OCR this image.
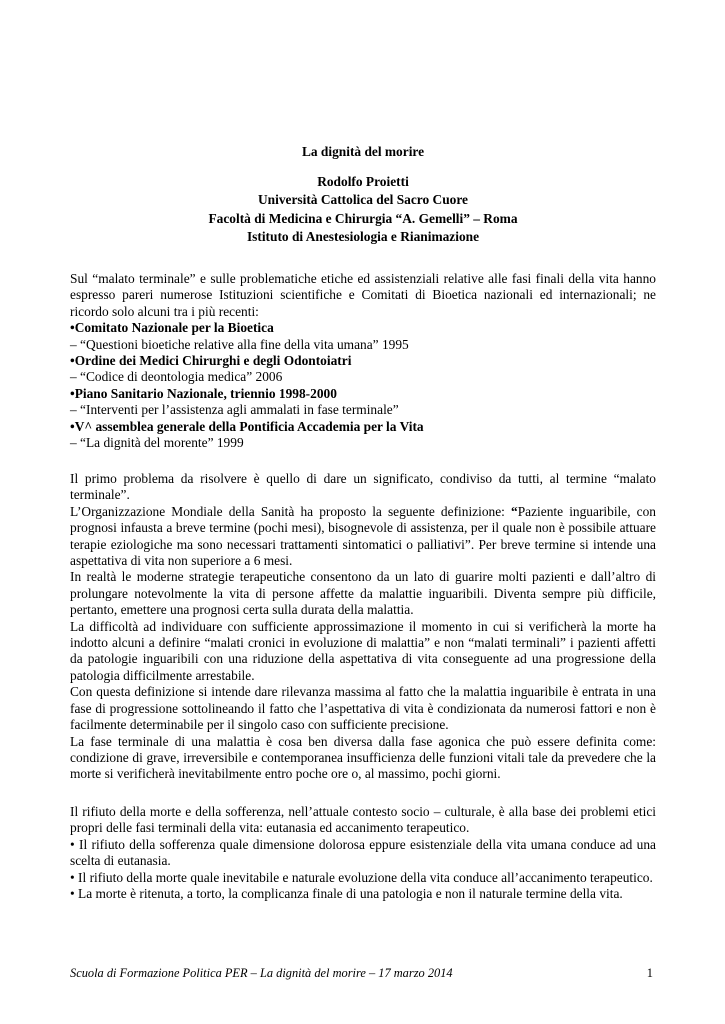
La dignità del morire
Rodolfo Proietti
Università Cattolica del Sacro Cuore
Facoltà di Medicina e Chirurgia “A. Gemelli” – Roma
Istituto di Anestesiologia e Rianimazione

Sul “malato terminale” e sulle problematiche etiche ed assistenziali relative alle fasi finali della vita hanno espresso pareri numerose Istituzioni scientifiche e Comitati di Bioetica nazionali ed internazionali; ne ricordo solo alcuni tra i più recenti:

•Comitato Nazionale per la Bioetica
– “Questioni bioetiche relative alla fine della vita umana” 1995
•Ordine dei Medici Chirurghi e degli Odontoiatri
– “Codice di deontologia medica” 2006
•Piano Sanitario Nazionale, triennio 1998-2000
– “Interventi per l’assistenza agli ammalati in fase terminale”
•V^ assemblea generale della Pontificia Accademia per la Vita
– “La dignità del morente” 1999

Il primo problema da risolvere è quello di dare un significato, condiviso da tutti, al termine “malato terminale”.

L’Organizzazione Mondiale della Sanità ha proposto la seguente definizione: “Paziente inguaribile, con prognosi infausta a breve termine (pochi mesi), bisognevole di assistenza, per il quale non è possibile attuare terapie eziologiche ma sono necessari trattamenti sintomatici o palliativi”. Per breve termine si intende una aspettativa di vita non superiore a 6 mesi.

In realtà le moderne strategie terapeutiche consentono da un lato di guarire molti pazienti e dall’altro di prolungare notevolmente la vita di persone affette da malattie inguaribili. Diventa sempre più difficile, pertanto, emettere una prognosi certa sulla durata della malattia.

La difficoltà ad individuare con sufficiente approssimazione il momento in cui si verificherà la morte ha indotto alcuni a definire “malati cronici in evoluzione di malattia” e non “malati terminali” i pazienti affetti da patologie inguaribili con una riduzione della aspettativa di vita conseguente ad una progressione della patologia difficilmente arrestabile.

Con questa definizione si intende dare rilevanza massima al fatto che la malattia inguaribile è entrata in una fase di progressione sottolineando il fatto che l’aspettativa di vita è condizionata da numerosi fattori e non è facilmente determinabile per il singolo caso con sufficiente precisione.

La fase terminale di una malattia è cosa ben diversa dalla fase agonica che può essere definita come: condizione di grave, irreversibile e contemporanea insufficienza delle funzioni vitali tale da prevedere che la morte si verificherà inevitabilmente entro poche ore o, al massimo, pochi giorni.

Il rifiuto della morte e della sofferenza, nell’attuale contesto socio – culturale, è alla base dei problemi etici propri delle fasi terminali della vita: eutanasia ed accanimento terapeutico.

• Il rifiuto della sofferenza quale dimensione dolorosa eppure esistenziale della vita umana conduce ad una scelta di eutanasia.

• Il rifiuto della morte quale inevitabile e naturale evoluzione della vita conduce all’accanimento terapeutico.

• La morte è ritenuta, a torto, la complicanza finale di una patologia e non il naturale termine della vita.

Scuola di Formazione Politica PER – La dignità del morire – 17 marzo 2014	1
